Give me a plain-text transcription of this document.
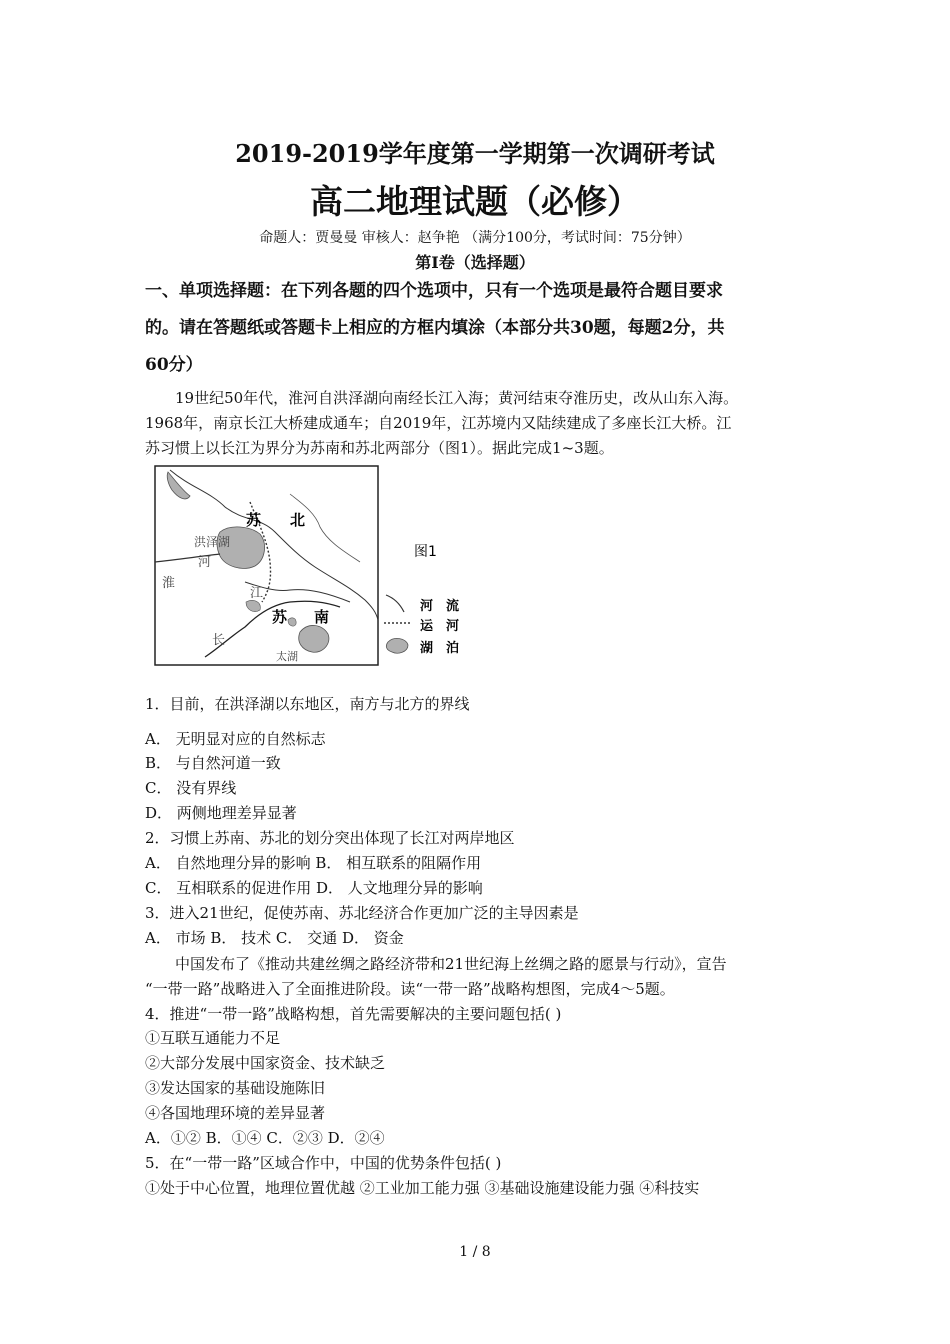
2019-2019学年度第一学期第一次调研考试
高二地理试题（必修）
命题人：贾曼曼 审核人：赵争艳 （满分100分，考试时间：75分钟）
第I卷（选择题）
一、单项选择题：在下列各题的四个选项中，只有一个选项是最符合题目要求
的。请在答题纸或答题卡上相应的方框内填涂（本部分共30题，每题2分，共
60分）
　　19世纪50年代，淮河自洪泽湖向南经长江入海；黄河结束夺淮历史，改从山东入海。
1968年，南京长江大桥建成通车；自2019年，江苏境内又陆续建成了多座长江大桥。江
苏习惯上以长江为界分为苏南和苏北两部分（图1）。据此完成1~3题。
苏 北
洪泽湖
河
淮
江
苏 南
长
太湖
图1
河　流
运　河
湖　泊
1．目前，在洪泽湖以东地区，南方与北方的界线
A． 无明显对应的自然标志
B． 与自然河道一致
C． 没有界线
D． 两侧地理差异显著
2．习惯上苏南、苏北的划分突出体现了长江对两岸地区
A． 自然地理分异的影响 B． 相互联系的阻隔作用
C． 互相联系的促进作用 D． 人文地理分异的影响
3．进入21世纪，促使苏南、苏北经济合作更加广泛的主导因素是
A． 市场 B． 技术 C． 交通 D． 资金
　　中国发布了《推动共建丝绸之路经济带和21世纪海上丝绸之路的愿景与行动》，宣告
“一带一路”战略进入了全面推进阶段。读“一带一路”战略构想图，完成4～5题。
4．推进“一带一路”战略构想，首先需要解决的主要问题包括( )
①互联互通能力不足
②大部分发展中国家资金、技术缺乏
③发达国家的基础设施陈旧
④各国地理环境的差异显著
A．①② B．①④ C．②③ D．②④
5．在“一带一路”区域合作中，中国的优势条件包括( )
①处于中心位置，地理位置优越 ②工业加工能力强 ③基础设施建设能力强 ④科技实
1 / 8
